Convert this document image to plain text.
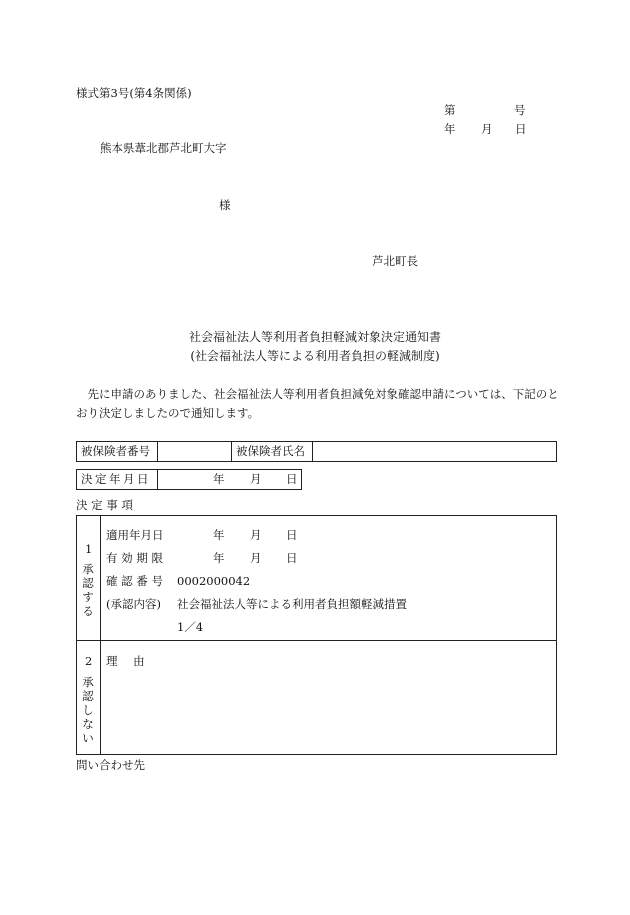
様式第3号(第4条関係)
第	号
年 月 日
熊本県葦北郡芦北町大字
様
芦北町長
社会福祉法人等利用者負担軽減対象決定通知書
(社会福祉法人等による利用者負担の軽減制度)
先に申請のありました、社会福祉法人等利用者負担減免対象確認申請については、下記のとおり決定しましたので通知します。
被保険者番号	被保険者氏名
決定年月日	年 月 日
決 定 事 項
1
承認する
適用年月日	年 月 日
有 効 期 限	年 月 日
確 認 番 号 0002000042
(承認内容) 社会福祉法人等による利用者負担額軽減措置
1／4
2
承認しない
理 由
問い合わせ先
